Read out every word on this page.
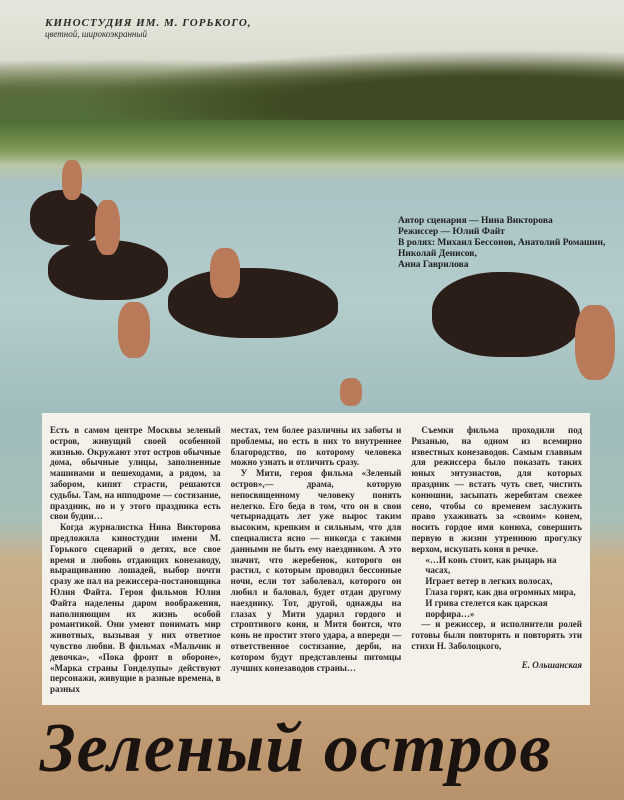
КИНОСТУДИЯ ИМ. М. ГОРЬКОГО,
цветной, широкоэкранный
Автор сценария — Нина Викторова
Режиссер — Юлий Файт
В ролях: Михаил Бессонов, Анатолий Ромашин, Николай Денисов,
Анна Гаврилова

Есть в самом центре Москвы зеленый остров, живущий своей особенной жизнью. Окружают этот остров обычные дома, обычные улицы, заполненные машинами и пешеходами, а рядом, за забором, кипят страсти, решаются судьбы. Там, на ипподроме — состязание, праздник, но и у этого праздника есть свои будни…

Когда журналистка Нина Викторова предложила киностудии имени М. Горького сценарий о детях, все свое время и любовь отдающих конезаводу, выращиванию лошадей, выбор почти сразу же пал на режиссера-постановщика Юлия Файта. Героя фильмов Юлия Файта наделены даром воображения, наполняющим их жизнь особой романтикой. Они умеют понимать мир животных, вызывая у них ответное чувство любви. В фильмах «Мальчик и девочка», «Пока фронт в обороне», «Марка страны Гонделупы» действуют персонажи, живущие в разные времена, в разных

местах, тем более различны их заботы и проблемы, но есть в них то внутреннее благородство, по которому человека можно узнать и отличить сразу.

У Мити, героя фильма «Зеленый остров»,— драма, которую непосвященному человеку понять нелегко. Его беда в том, что он в свои четырнадцать лет уже вырос таким высоким, крепким и сильным, что для специалиста ясно — никогда с такими данными не быть ему наездником. А это значит, что жеребенок, которого он растил, с которым проводил бессонные ночи, если тот заболевал, которого он любил и баловал, будет отдан другому наезднику. Тот, другой, однажды на глазах у Мити ударил гордого и строптивого коня, и Митя боится, что конь не простит этого удара, а впереди — ответственное состязание, дерби, на котором будут представлены питомцы лучших конезаводов страны…

Съемки фильма проходили под Рязанью, на одном из всемирно известных конезаводов. Самым главным для режиссера было показать таких юных энтузиастов, для которых праздник — встать чуть свет, чистить конюшни, засыпать жеребятам свежее сено, чтобы со временем заслужить право ухаживать за «своим» конем, носить гордое имя конюха, совершить первую в жизни утреннюю прогулку верхом, искупать коня в речке.

«…И конь стоит, как рыцарь на часах,

Играет ветер в легких волосах,

Глаза горят, как два огромных мира,

И грива стелется как царская порфира…»

— и режиссер, и исполнители ролей готовы были повторять и повторять эти стихи Н. Заболоцкого,

Е. Ольшанская

Зеленый остров
